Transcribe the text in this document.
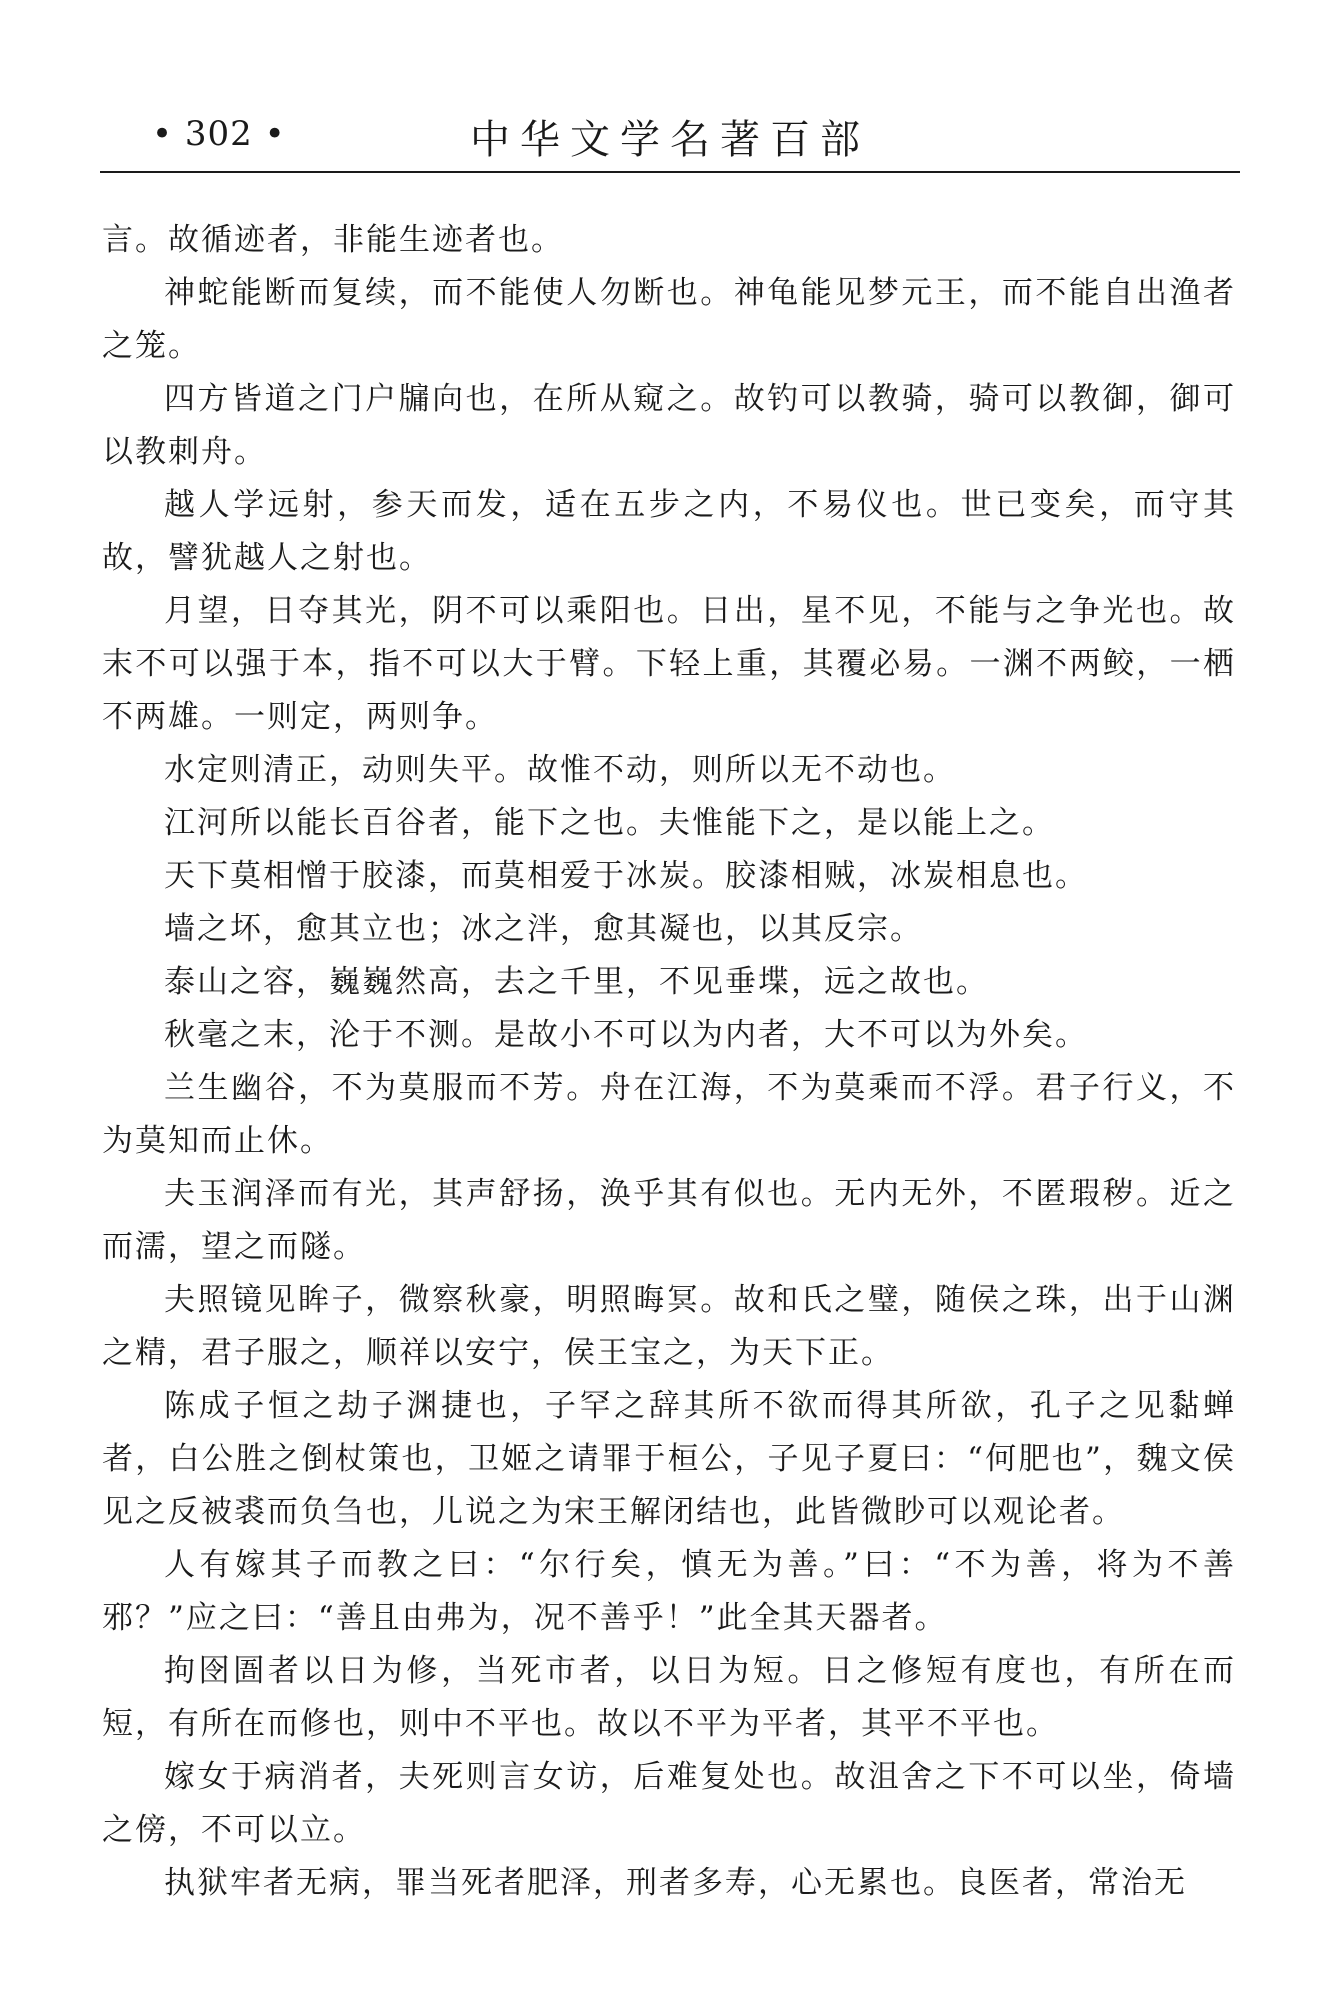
中华文学名著百部
• 302 •

言。故循迹者，非能生迹者也。

神蛇能断而复续，而不能使人勿断也。神龟能见梦元王，而不能自出渔者之笼。

四方皆道之门户牖向也，在所从窥之。故钓可以教骑，骑可以教御，御可以教刺舟。

越人学远射，参天而发，适在五步之内，不易仪也。世已变矣，而守其故，譬犹越人之射也。

月望，日夺其光，阴不可以乘阳也。日出，星不见，不能与之争光也。故末不可以强于本，指不可以大于臂。下轻上重，其覆必易。一渊不两鲛，一栖不两雄。一则定，两则争。

水定则清正，动则失平。故惟不动，则所以无不动也。

江河所以能长百谷者，能下之也。夫惟能下之，是以能上之。

天下莫相憎于胶漆，而莫相爱于冰炭。胶漆相贼，冰炭相息也。

墙之坏，愈其立也；冰之泮，愈其凝也，以其反宗。

泰山之容，巍巍然高，去之千里，不见垂堞，远之故也。

秋毫之末，沦于不测。是故小不可以为内者，大不可以为外矣。

兰生幽谷，不为莫服而不芳。舟在江海，不为莫乘而不浮。君子行义，不为莫知而止休。

夫玉润泽而有光，其声舒扬，涣乎其有似也。无内无外，不匿瑕秽。近之而濡，望之而隧。

夫照镜见眸子，微察秋豪，明照晦冥。故和氏之璧，随侯之珠，出于山渊之精，君子服之，顺祥以安宁，侯王宝之，为天下正。

陈成子恒之劫子渊捷也，子罕之辞其所不欲而得其所欲，孔子之见黏蝉者，白公胜之倒杖策也，卫姬之请罪于桓公，子见子夏曰：“何肥也”，魏文侯见之反被裘而负刍也，儿说之为宋王解闭结也，此皆微眇可以观论者。

人有嫁其子而教之曰：“尔行矣，慎无为善。”曰：“不为善，将为不善邪？”应之曰：“善且由弗为，况不善乎！”此全其天器者。

拘囹圄者以日为修，当死市者，以日为短。日之修短有度也，有所在而短，有所在而修也，则中不平也。故以不平为平者，其平不平也。

嫁女于病消者，夫死则言女访，后难复处也。故沮舍之下不可以坐，倚墙之傍，不可以立。

执狱牢者无病，罪当死者肥泽，刑者多寿，心无累也。良医者，常治无
